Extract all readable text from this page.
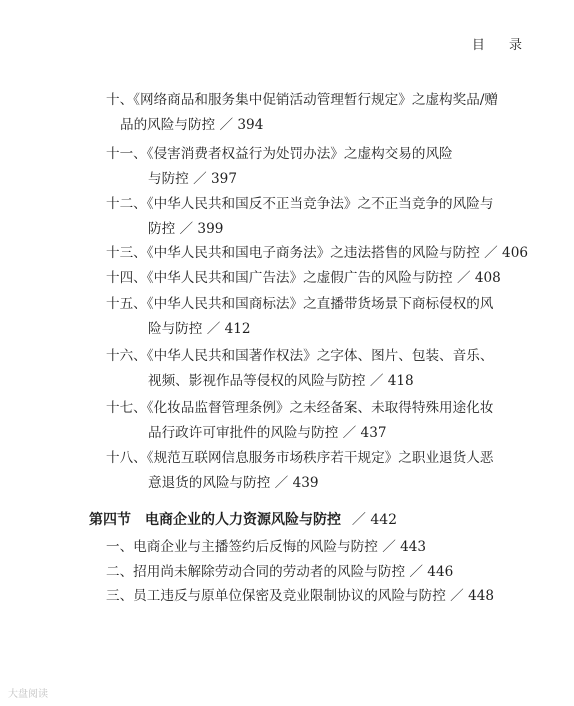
目 录
十、《网络商品和服务集中促销活动管理暂行规定》之虚构奖品/赠
品的风险与防控 ／ 394
十一、《侵害消费者权益行为处罚办法》之虚构交易的风险
与防控 ／ 397
十二、《中华人民共和国反不正当竞争法》之不正当竞争的风险与
防控 ／ 399
十三、《中华人民共和国电子商务法》之违法搭售的风险与防控 ／ 406
十四、《中华人民共和国广告法》之虚假广告的风险与防控 ／ 408
十五、《中华人民共和国商标法》之直播带货场景下商标侵权的风
险与防控 ／ 412
十六、《中华人民共和国著作权法》之字体、图片、包装、音乐、
视频、影视作品等侵权的风险与防控 ／ 418
十七、《化妆品监督管理条例》之未经备案、未取得特殊用途化妆
品行政许可审批件的风险与防控 ／ 437
十八、《规范互联网信息服务市场秩序若干规定》之职业退货人恶
意退货的风险与防控 ／ 439
第四节　电商企业的人力资源风险与防控 ／ 442
一、电商企业与主播签约后反悔的风险与防控 ／ 443
二、招用尚未解除劳动合同的劳动者的风险与防控 ／ 446
三、员工违反与原单位保密及竞业限制协议的风险与防控 ／ 448
大盘阅读
